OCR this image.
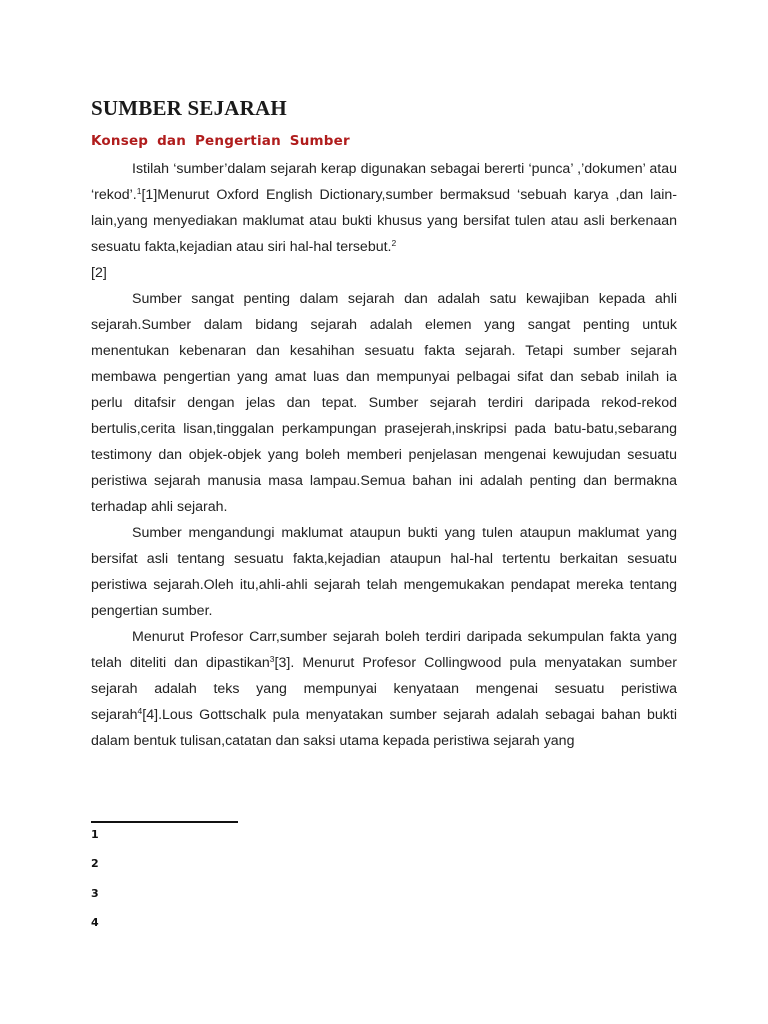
SUMBER SEJARAH
Konsep dan Pengertian Sumber

Istilah ‘sumber’dalam sejarah kerap digunakan sebagai bererti ‘punca’ ,’dokumen’ atau ‘rekod’.$^1$[1]Menurut Oxford English Dictionary,sumber bermaksud ‘sebuah karya ,dan lain-lain,yang menyediakan maklumat atau bukti khusus yang bersifat tulen atau asli berkenaan sesuatu fakta,kejadian atau siri hal-hal tersebut.$^2$
[2]

Sumber sangat penting dalam sejarah dan adalah satu kewajiban kepada ahli sejarah.Sumber dalam bidang sejarah adalah elemen yang sangat penting untuk menentukan kebenaran dan kesahihan sesuatu fakta sejarah. Tetapi sumber sejarah membawa pengertian yang amat luas dan mempunyai pelbagai sifat dan sebab inilah ia perlu ditafsir dengan jelas dan tepat. Sumber sejarah terdiri daripada rekod-rekod bertulis,cerita lisan,tinggalan perkampungan prasejerah,inskripsi pada batu-batu,sebarang testimony dan objek-objek yang boleh memberi penjelasan mengenai kewujudan sesuatu peristiwa sejarah manusia masa lampau.Semua bahan ini adalah penting dan bermakna terhadap ahli sejarah.

Sumber mengandungi maklumat ataupun bukti yang tulen ataupun maklumat yang bersifat asli tentang sesuatu fakta,kejadian ataupun hal-hal tertentu berkaitan sesuatu peristiwa sejarah.Oleh itu,ahli-ahli sejarah telah mengemukakan pendapat mereka tentang pengertian sumber.

Menurut Profesor Carr,sumber sejarah boleh terdiri daripada sekumpulan fakta yang telah diteliti dan dipastikan$^3$[3]. Menurut Profesor Collingwood pula menyatakan sumber sejarah adalah teks yang mempunyai kenyataan mengenai sesuatu peristiwa sejarah$^4$[4].Lous Gottschalk pula menyatakan sumber sejarah adalah sebagai bahan bukti dalam bentuk tulisan,catatan dan saksi utama kepada peristiwa sejarah yang

1
2
3
4
